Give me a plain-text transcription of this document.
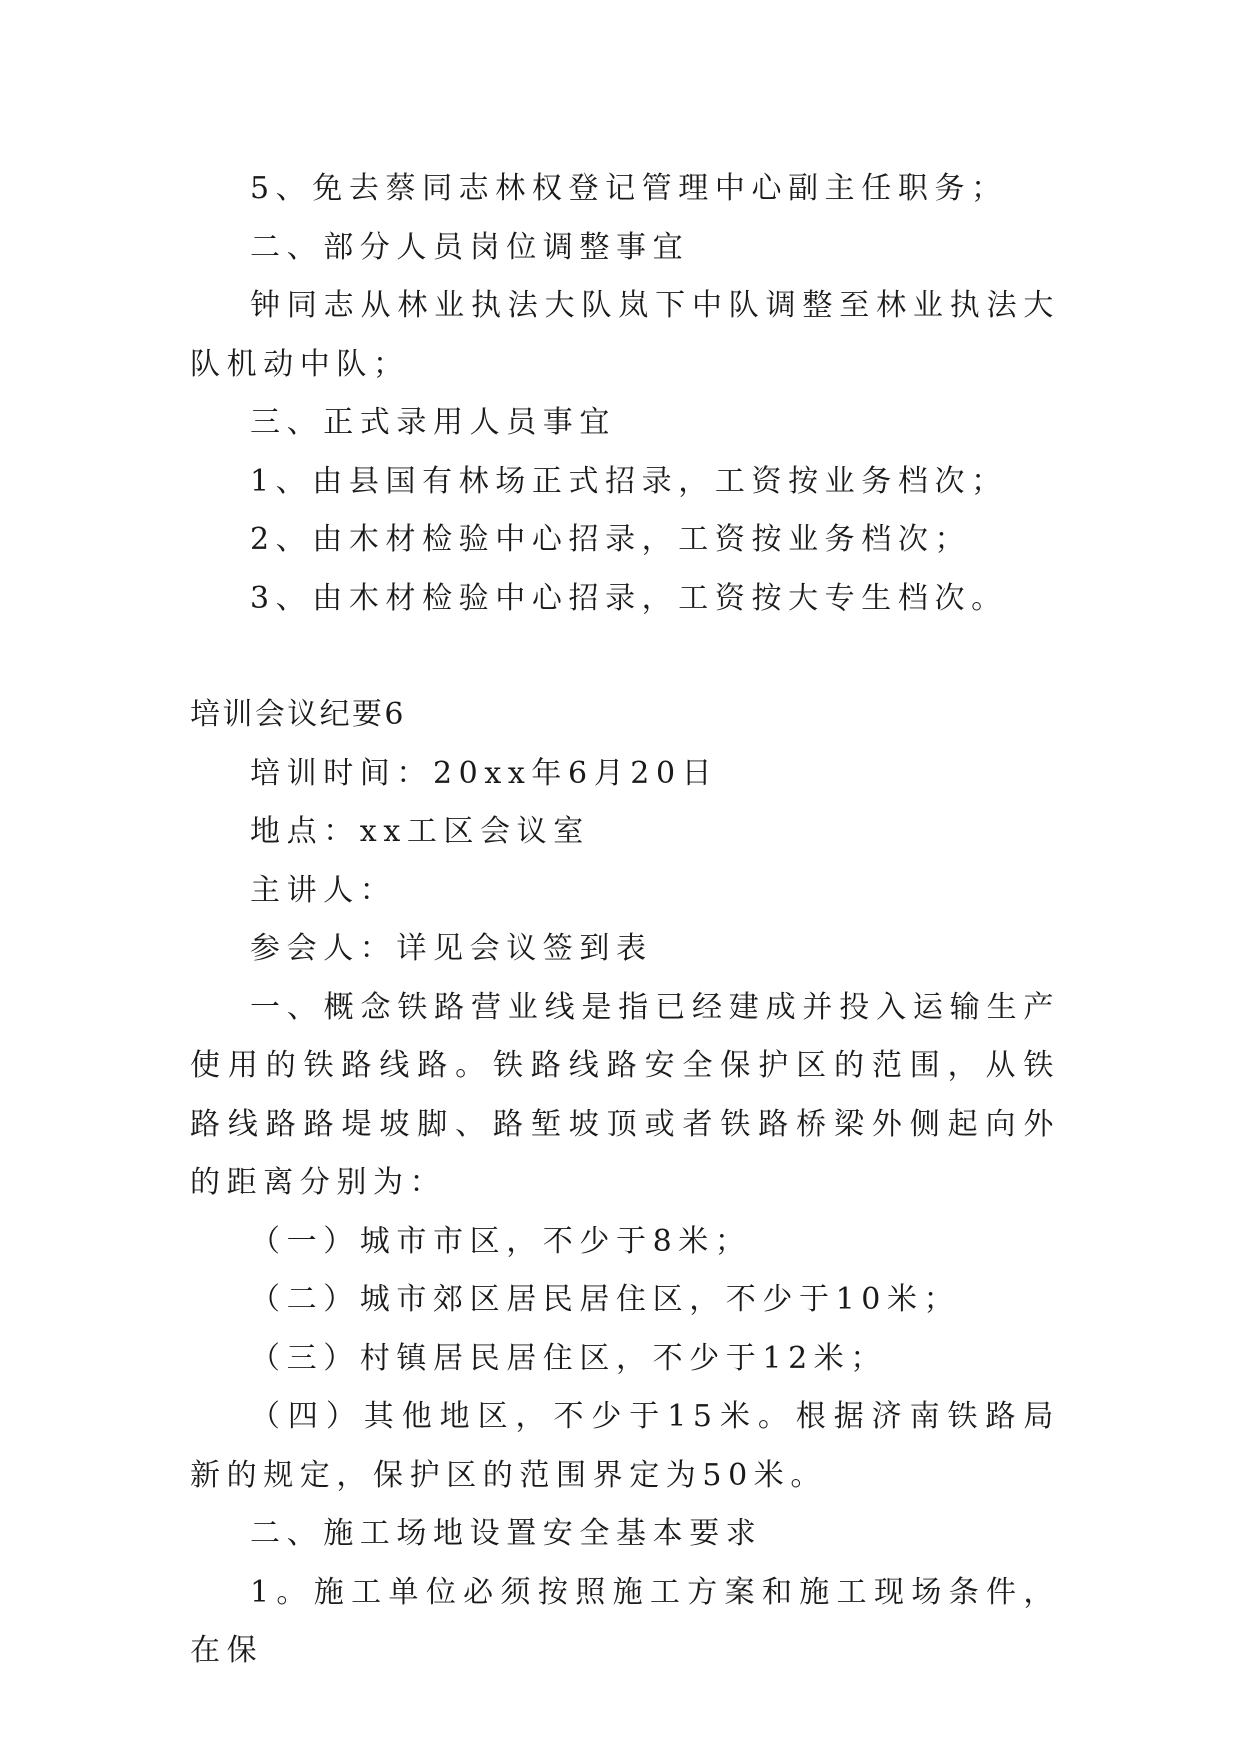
5、免去蔡同志林权登记管理中心副主任职务；

二、部分人员岗位调整事宜

钟同志从林业执法大队岚下中队调整至林业执法大队机动中队；

三、正式录用人员事宜

1、由县国有林场正式招录，工资按业务档次；

2、由木材检验中心招录，工资按业务档次；

3、由木材检验中心招录，工资按大专生档次。

培训会议纪要6

培训时间：20xx年6月20日

地点：xx工区会议室

主讲人：

参会人：详见会议签到表

一、概念铁路营业线是指已经建成并投入运输生产使用的铁路线路。铁路线路安全保护区的范围，从铁路线路路堤坡脚、路堑坡顶或者铁路桥梁外侧起向外的距离分别为：

（一）城市市区，不少于8米；

（二）城市郊区居民居住区，不少于10米；

（三）村镇居民居住区，不少于12米；

（四）其他地区，不少于15米。根据济南铁路局新的规定，保护区的范围界定为50米。

二、施工场地设置安全基本要求

1。施工单位必须按照施工方案和施工现场条件，在保
